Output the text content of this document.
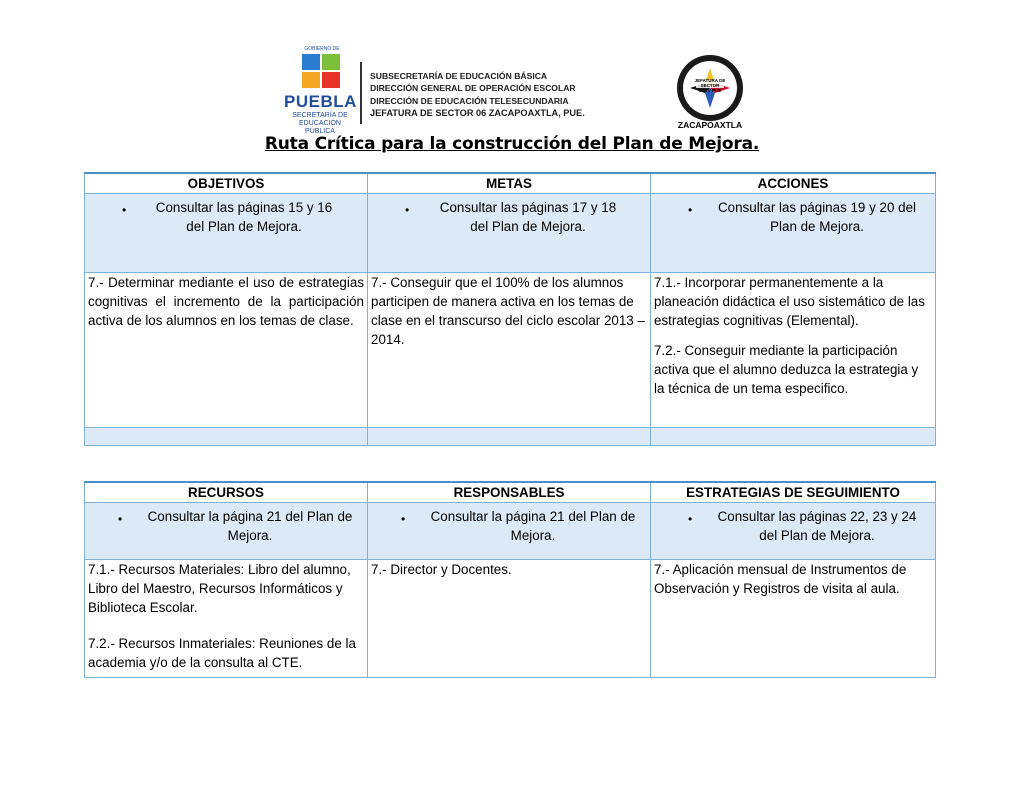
GOBIERNO DE
PUEBLA
SECRETARÍA DE
EDUCACIÓN PÚBLICA
SUBSECRETARÍA DE EDUCACIÓN BÁSICA
DIRECCIÓN GENERAL DE OPERACIÓN ESCOLAR
DIRECCIÓN DE EDUCACIÓN TELESECUNDARIA
JEFATURA DE SECTOR 06 ZACAPOAXTLA, PUE.
JEFATURA DE SECTOR
06 TV PUE
ZACAPOAXTLA
Ruta Crítica para la construcción del Plan de Mejora.
OBJETIVOS	METAS	ACCIONES

• Consultar las páginas 15 y 16 del Plan de Mejora.	• Consultar las páginas 17 y 18 del Plan de Mejora.	• Consultar las páginas 19 y 20 del Plan de Mejora.

7.- Determinar mediante el uso de estrategias cognitivas el incremento de la participación activa de los alumnos en los temas de clase.	7.- Conseguir que el 100% de los alumnos participen de manera activa en los temas de clase en el transcurso del ciclo escolar 2013 – 2014.	7.1.- Incorporar permanentemente a la planeación didáctica el uso sistemático de las estrategias cognitivas (Elemental).
7.2.- Conseguir mediante la participación activa que el alumno deduzca la estrategia y la técnica de un tema especifico.

RECURSOS	RESPONSABLES	ESTRATEGIAS DE SEGUIMIENTO

• Consultar la página 21 del Plan de Mejora.	• Consultar la página 21 del Plan de Mejora.	• Consultar las páginas 22, 23 y 24 del Plan de Mejora.

7.1.- Recursos Materiales: Libro del alumno, Libro del Maestro, Recursos Informáticos y Biblioteca Escolar.
7.2.- Recursos Inmateriales: Reuniones de la academia y/o de la consulta al CTE.	7.- Director y Docentes.	7.- Aplicación mensual de Instrumentos de Observación y Registros de visita al aula.
